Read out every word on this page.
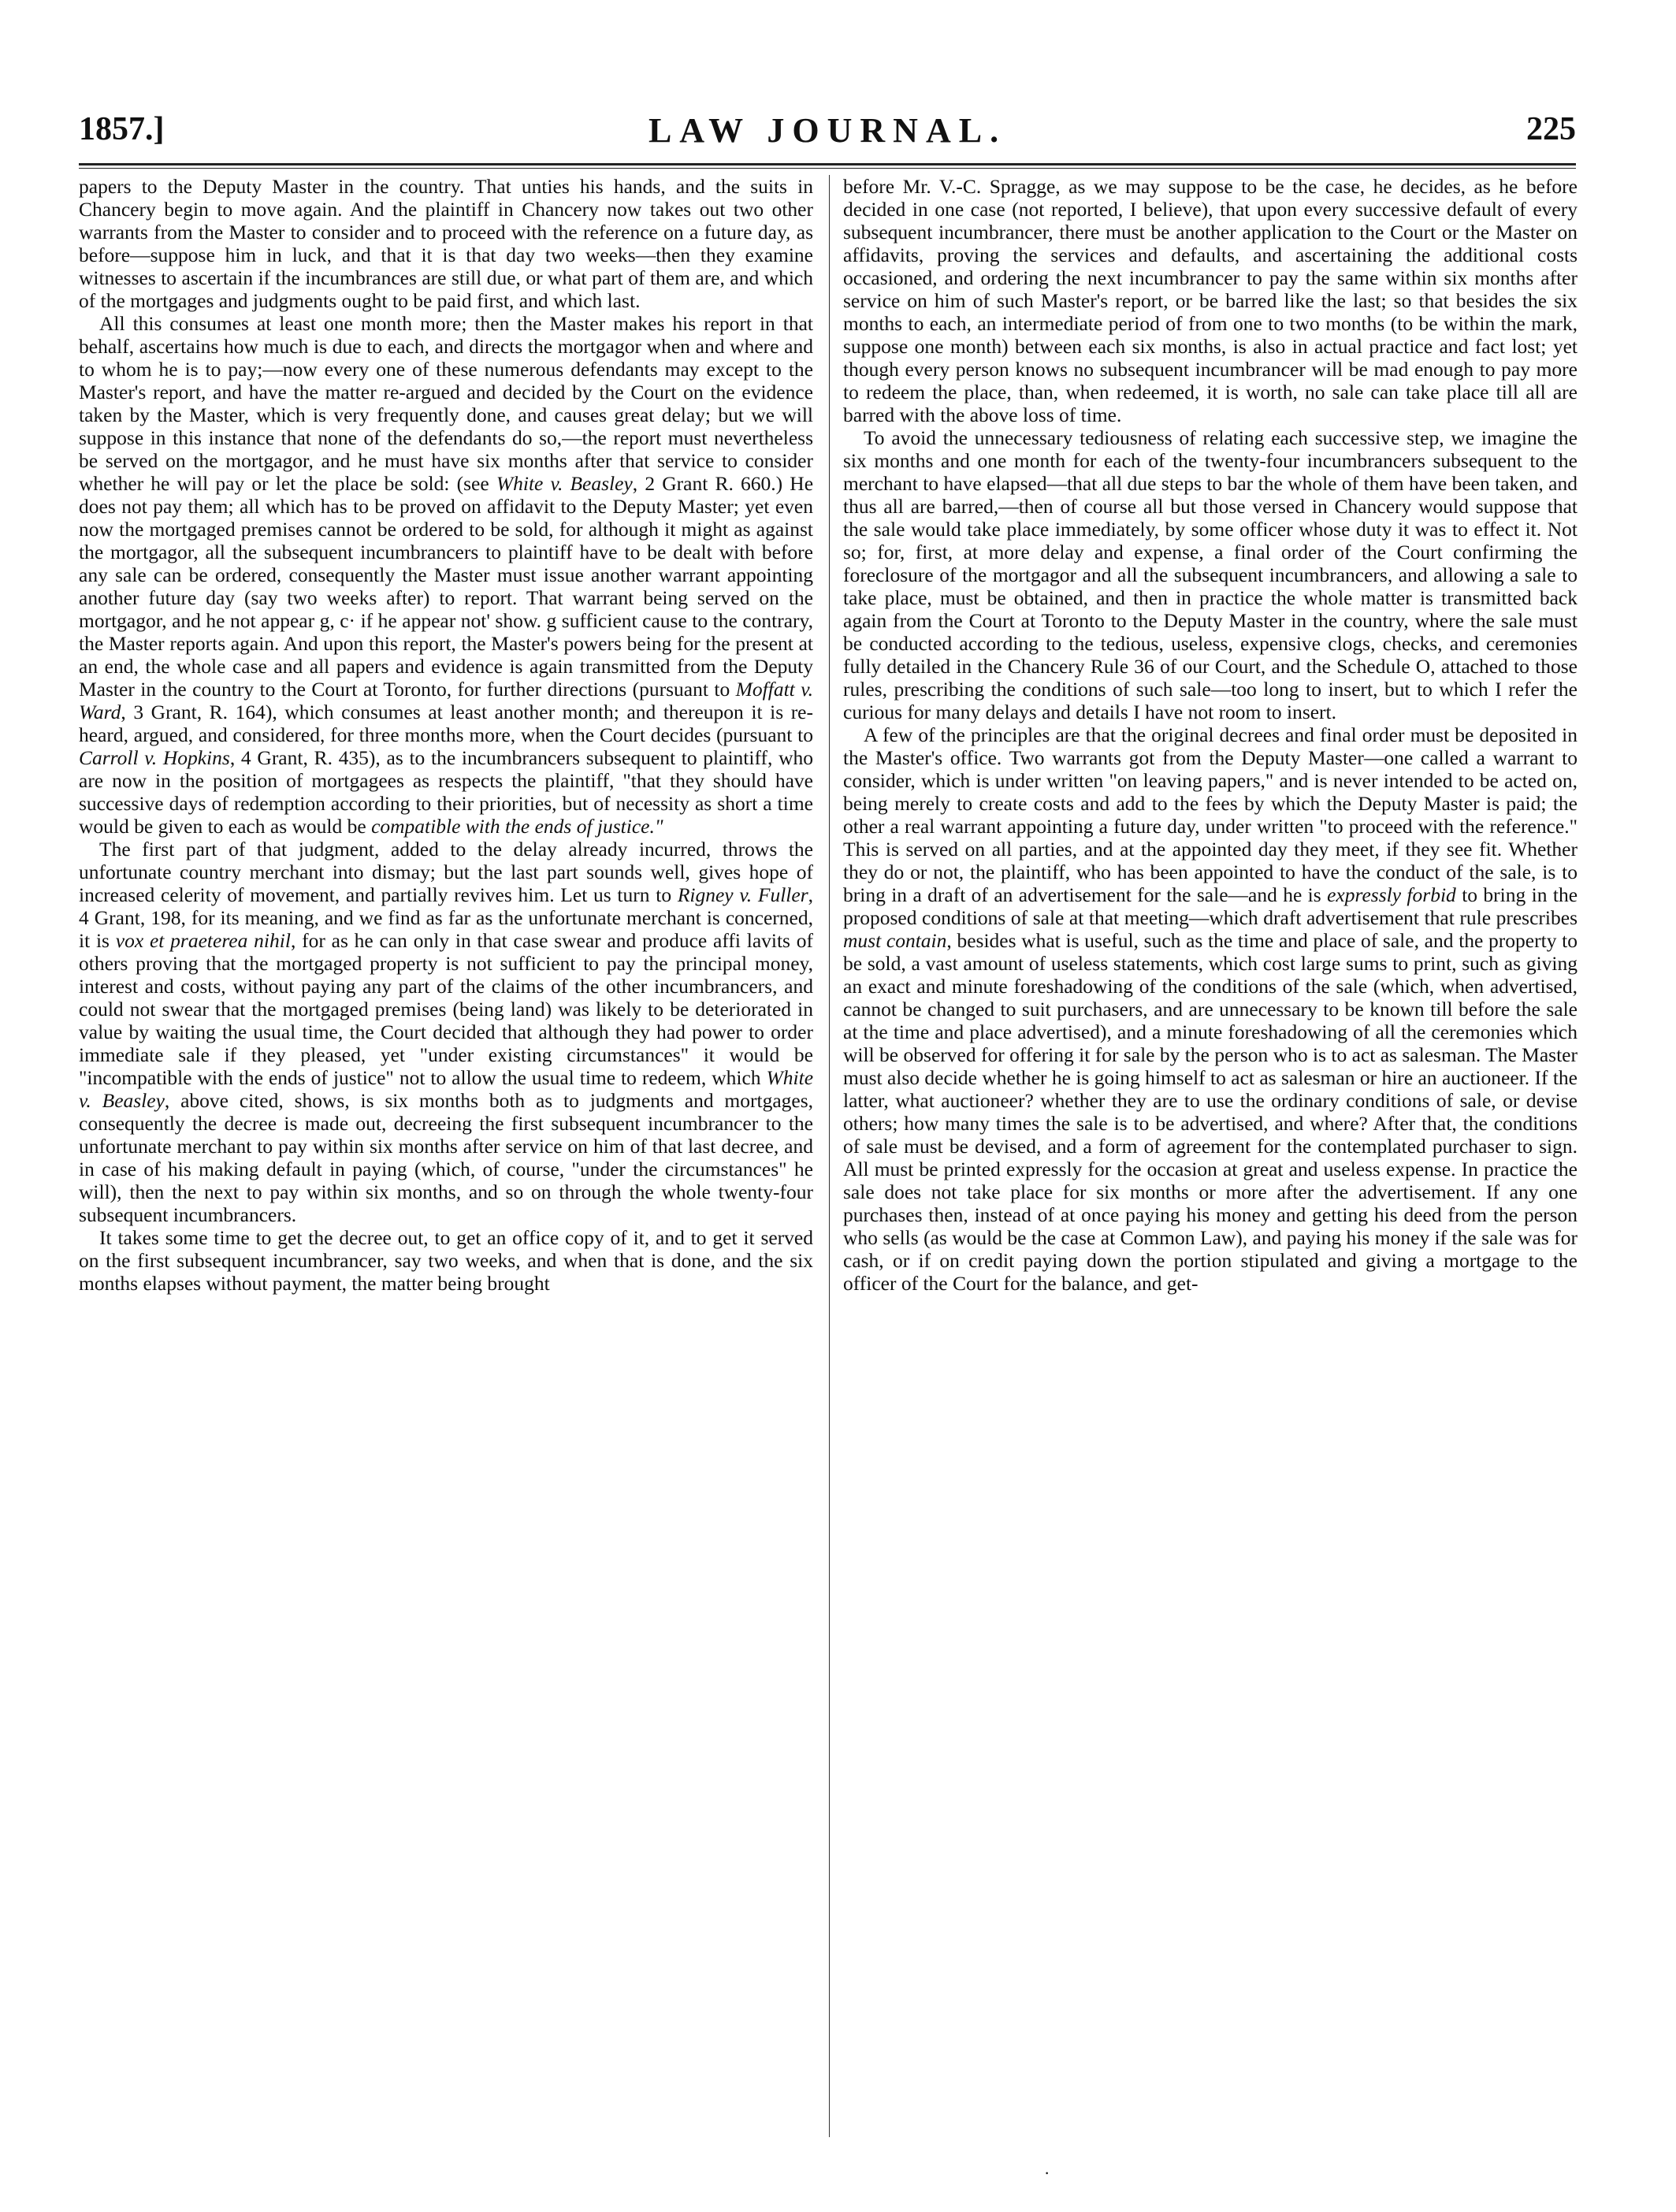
1857.]	LAW JOURNAL.	225

papers to the Deputy Master in the country. That unties his hands, and the suits in Chancery begin to move again. And the plaintiff in Chancery now takes out two other warrants from the Master to consider and to proceed with the reference on a future day, as before—suppose him in luck, and that it is that day two weeks—then they examine witnesses to ascertain if the incumbrances are still due, or what part of them are, and which of the mortgages and judgments ought to be paid first, and which last.

All this consumes at least one month more; then the Master makes his report in that behalf, ascertains how much is due to each, and directs the mortgagor when and where and to whom he is to pay;—now every one of these numerous defendants may except to the Master's report, and have the matter re-argued and decided by the Court on the evidence taken by the Master, which is very frequently done, and causes great delay; but we will suppose in this instance that none of the defendants do so,—the report must nevertheless be served on the mortgagor, and he must have six months after that service to consider whether he will pay or let the place be sold: (see White v. Beasley, 2 Grant R. 660.) He does not pay them; all which has to be proved on affidavit to the Deputy Master; yet even now the mortgaged premises cannot be ordered to be sold, for although it might as against the mortgagor, all the subsequent incumbrancers to plaintiff have to be dealt with before any sale can be ordered, consequently the Master must issue another warrant appointing another future day (say two weeks after) to report. That warrant being served on the mortgagor, and he not appear g, c· if he appear not' show. g sufficient cause to the contrary, the Master reports again. And upon this report, the Master's powers being for the present at an end, the whole case and all papers and evidence is again transmitted from the Deputy Master in the country to the Court at Toronto, for further directions (pursuant to Moffatt v. Ward, 3 Grant, R. 164), which consumes at least another month; and thereupon it is re-heard, argued, and considered, for three months more, when the Court decides (pursuant to Carroll v. Hopkins, 4 Grant, R. 435), as to the incumbrancers subsequent to plaintiff, who are now in the position of mortgagees as respects the plaintiff, "that they should have successive days of redemption according to their priorities, but of necessity as short a time would be given to each as would be compatible with the ends of justice."

The first part of that judgment, added to the delay already incurred, throws the unfortunate country merchant into dismay; but the last part sounds well, gives hope of increased celerity of movement, and partially revives him. Let us turn to Rigney v. Fuller, 4 Grant, 198, for its meaning, and we find as far as the unfortunate merchant is concerned, it is vox et praeterea nihil, for as he can only in that case swear and produce affi lavits of others proving that the mortgaged property is not sufficient to pay the principal money, interest and costs, without paying any part of the claims of the other incumbrancers, and could not swear that the mortgaged premises (being land) was likely to be deteriorated in value by waiting the usual time, the Court decided that although they had power to order immediate sale if they pleased, yet "under existing circumstances" it would be "incompatible with the ends of justice" not to allow the usual time to redeem, which White v. Beasley, above cited, shows, is six months both as to judgments and mortgages, consequently the decree is made out, decreeing the first subsequent incumbrancer to the unfortunate merchant to pay within six months after service on him of that last decree, and in case of his making default in paying (which, of course, "under the circumstances" he will), then the next to pay within six months, and so on through the whole twenty-four subsequent incumbrancers.

It takes some time to get the decree out, to get an office copy of it, and to get it served on the first subsequent incumbrancer, say two weeks, and when that is done, and the six months elapses without payment, the matter being brought

before Mr. V.-C. Spragge, as we may suppose to be the case, he decides, as he before decided in one case (not reported, I believe), that upon every successive default of every subsequent incumbrancer, there must be another application to the Court or the Master on affidavits, proving the services and defaults, and ascertaining the additional costs occasioned, and ordering the next incumbrancer to pay the same within six months after service on him of such Master's report, or be barred like the last; so that besides the six months to each, an intermediate period of from one to two months (to be within the mark, suppose one month) between each six months, is also in actual practice and fact lost; yet though every person knows no subsequent incumbrancer will be mad enough to pay more to redeem the place, than, when redeemed, it is worth, no sale can take place till all are barred with the above loss of time.

To avoid the unnecessary tediousness of relating each successive step, we imagine the six months and one month for each of the twenty-four incumbrancers subsequent to the merchant to have elapsed—that all due steps to bar the whole of them have been taken, and thus all are barred,—then of course all but those versed in Chancery would suppose that the sale would take place immediately, by some officer whose duty it was to effect it. Not so; for, first, at more delay and expense, a final order of the Court confirming the foreclosure of the mortgagor and all the subsequent incumbrancers, and allowing a sale to take place, must be obtained, and then in practice the whole matter is transmitted back again from the Court at Toronto to the Deputy Master in the country, where the sale must be conducted according to the tedious, useless, expensive clogs, checks, and ceremonies fully detailed in the Chancery Rule 36 of our Court, and the Schedule O, attached to those rules, prescribing the conditions of such sale—too long to insert, but to which I refer the curious for many delays and details I have not room to insert.

A few of the principles are that the original decrees and final order must be deposited in the Master's office. Two warrants got from the Deputy Master—one called a warrant to consider, which is under written "on leaving papers," and is never intended to be acted on, being merely to create costs and add to the fees by which the Deputy Master is paid; the other a real warrant appointing a future day, under written "to proceed with the reference." This is served on all parties, and at the appointed day they meet, if they see fit. Whether they do or not, the plaintiff, who has been appointed to have the conduct of the sale, is to bring in a draft of an advertisement for the sale—and he is expressly forbid to bring in the proposed conditions of sale at that meeting—which draft advertisement that rule prescribes must contain, besides what is useful, such as the time and place of sale, and the property to be sold, a vast amount of useless statements, which cost large sums to print, such as giving an exact and minute foreshadowing of the conditions of the sale (which, when advertised, cannot be changed to suit purchasers, and are unnecessary to be known till before the sale at the time and place advertised), and a minute foreshadowing of all the ceremonies which will be observed for offering it for sale by the person who is to act as salesman. The Master must also decide whether he is going himself to act as salesman or hire an auctioneer. If the latter, what auctioneer? whether they are to use the ordinary conditions of sale, or devise others; how many times the sale is to be advertised, and where? After that, the conditions of sale must be devised, and a form of agreement for the contemplated purchaser to sign. All must be printed expressly for the occasion at great and useless expense. In practice the sale does not take place for six months or more after the advertisement. If any one purchases then, instead of at once paying his money and getting his deed from the person who sells (as would be the case at Common Law), and paying his money if the sale was for cash, or if on credit paying down the portion stipulated and giving a mortgage to the officer of the Court for the balance, and get-

·
